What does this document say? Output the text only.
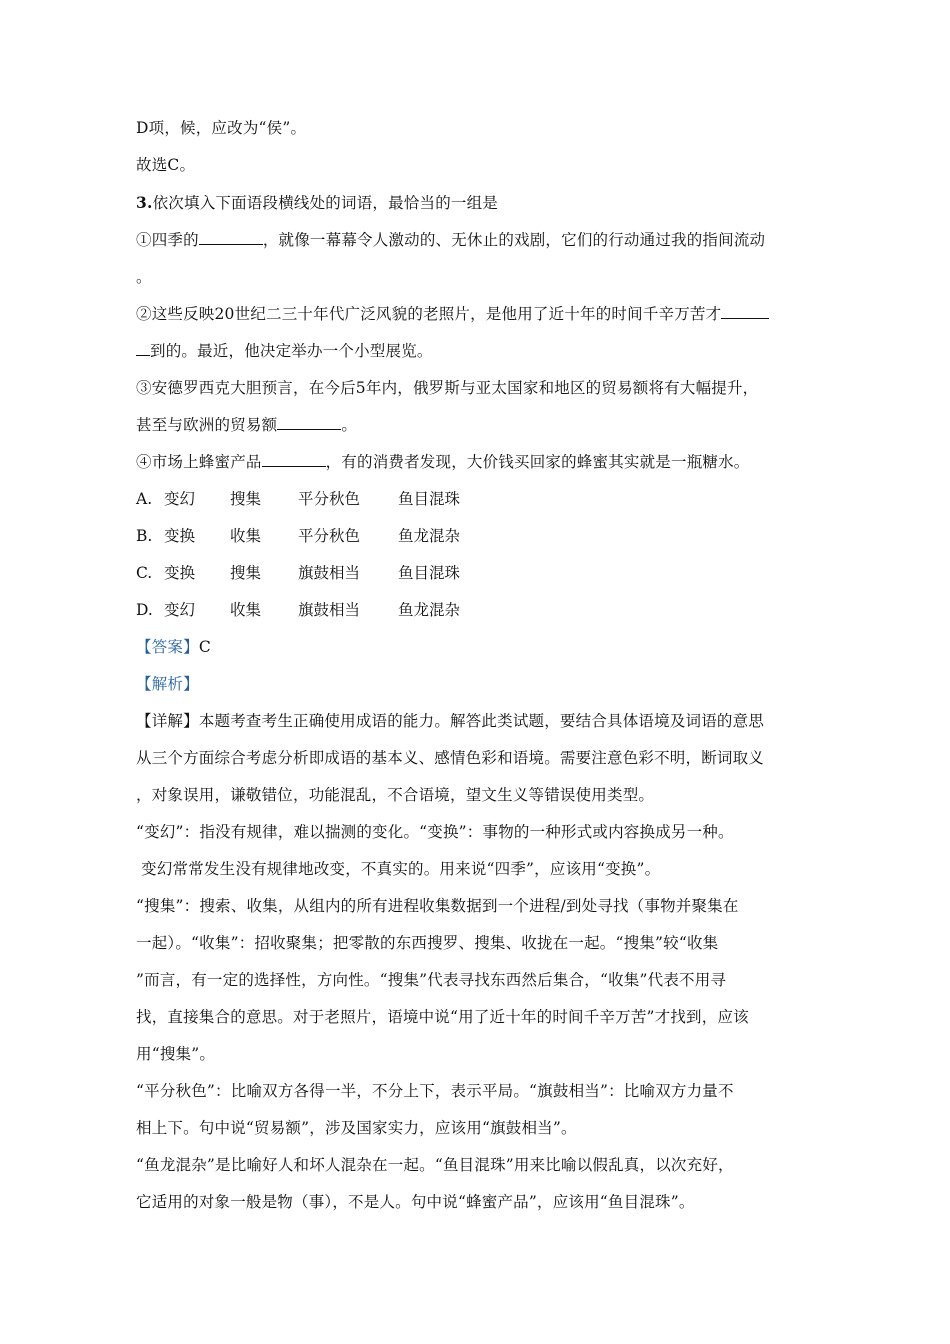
D项，候，应改为“侯”。
故选C。
3.依次填入下面语段横线处的词语，最恰当的一组是
①四季的	，就像一幕幕令人激动的、无休止的戏剧，它们的行动通过我的指间流动
。
②这些反映20世纪二三十年代广泛风貌的老照片，是他用了近十年的时间千辛万苦才
到的。最近，他决定举办一个小型展览。
③安德罗西克大胆预言，在今后5年内，俄罗斯与亚太国家和地区的贸易额将有大幅提升，
甚至与欧洲的贸易额	。
④市场上蜂蜜产品	，有的消费者发现，大价钱买回家的蜂蜜其实就是一瓶糖水。
A. 变幻	搜集	平分秋色	鱼目混珠
B. 变换	收集	平分秋色	鱼龙混杂
C. 变换	搜集	旗鼓相当	鱼目混珠
D. 变幻	收集	旗鼓相当	鱼龙混杂
【答案】C
【解析】
【详解】本题考查考生正确使用成语的能力。解答此类试题，要结合具体语境及词语的意思
从三个方面综合考虑分析即成语的基本义、感情色彩和语境。需要注意色彩不明，断词取义
，对象误用，谦敬错位，功能混乱，不合语境，望文生义等错误使用类型。
“变幻”：指没有规律，难以揣测的变化。“变换”：事物的一种形式或内容换成另一种。
变幻常常发生没有规律地改变，不真实的。用来说“四季”，应该用“变换”。
“搜集”：搜索、收集，从组内的所有进程收集数据到一个进程/到处寻找（事物并聚集在
一起）。“收集”：招收聚集；把零散的东西搜罗、搜集、收拢在一起。“搜集”较“收集
”而言，有一定的选择性，方向性。“搜集”代表寻找东西然后集合，“收集”代表不用寻
找，直接集合的意思。对于老照片，语境中说“用了近十年的时间千辛万苦”才找到，应该
用“搜集”。
“平分秋色”：比喻双方各得一半，不分上下，表示平局。“旗鼓相当”：比喻双方力量不
相上下。句中说“贸易额”，涉及国家实力，应该用“旗鼓相当”。
“鱼龙混杂”是比喻好人和坏人混杂在一起。“鱼目混珠”用来比喻以假乱真，以次充好，
它适用的对象一般是物（事），不是人。句中说“蜂蜜产品”，应该用“鱼目混珠”。
